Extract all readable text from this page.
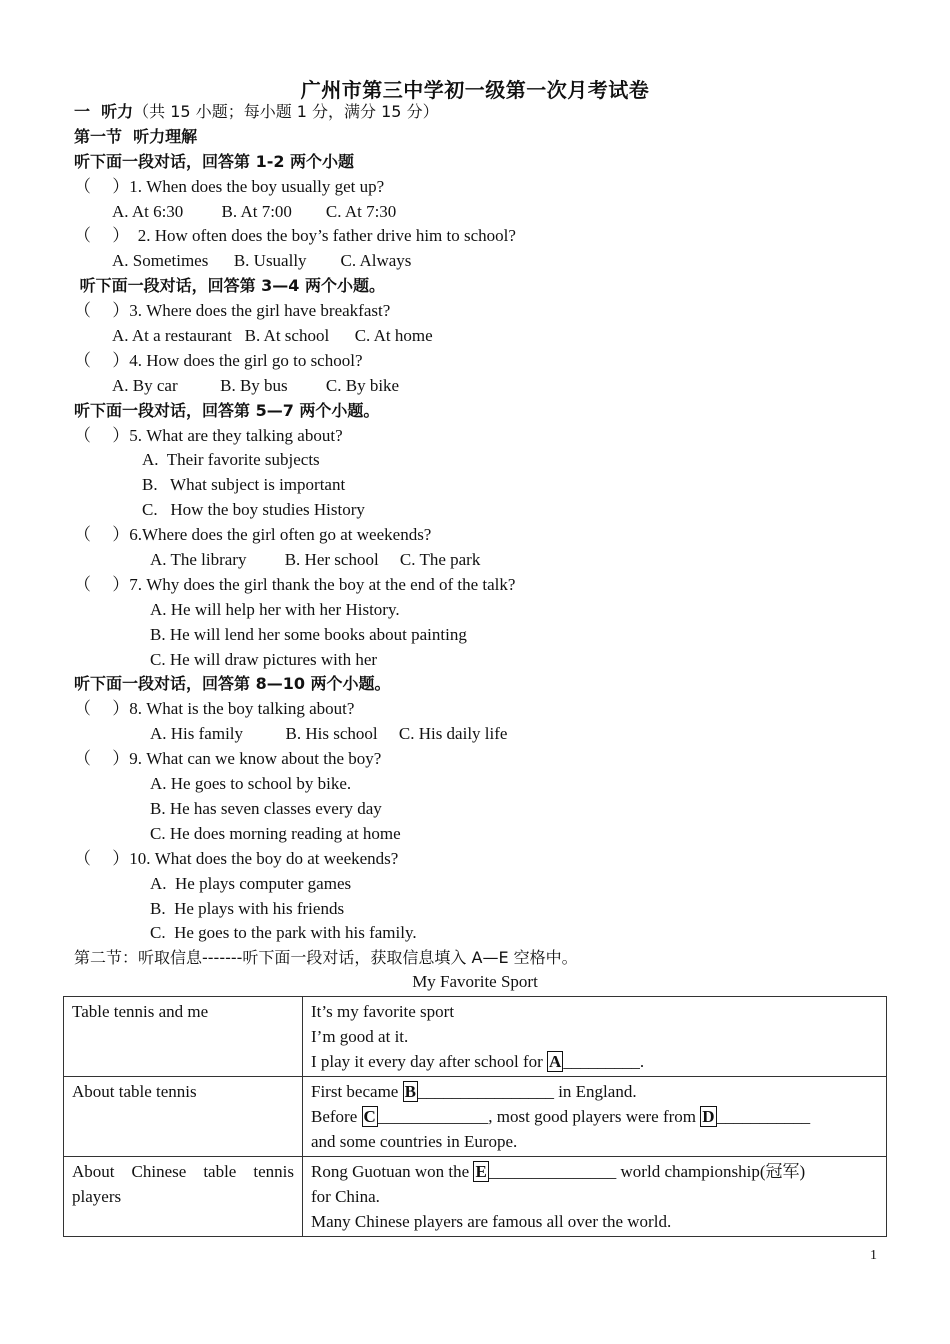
广州市第三中学初一级第一次月考试卷
一  听力（共 15 小题；每小题 1 分，满分 15 分）
第一节  听力理解
听下面一段对话，回答第 1-2 两个小题
（     ）1. When does the boy usually get up?
A. At 6:30         B. At 7:00        C. At 7:30
（     ）  2. How often does the boy’s father drive him to school?
A. Sometimes      B. Usually        C. Always
听下面一段对话，回答第 3—4 两个小题。
（     ）3. Where does the girl have breakfast?
A. At a restaurant   B. At school      C. At home
（     ）4. How does the girl go to school?
A. By car          B. By bus         C. By bike
听下面一段对话，回答第 5—7 两个小题。
（     ）5. What are they talking about?
A.  Their favorite subjects
B.   What subject is important
C.   How the boy studies History
（     ）6.Where does the girl often go at weekends?
A. The library         B. Her school     C. The park
（     ）7. Why does the girl thank the boy at the end of the talk?
A. He will help her with her History.
B. He will lend her some books about painting
C. He will draw pictures with her
听下面一段对话，回答第 8—10 两个小题。
（     ）8. What is the boy talking about?
A. His family          B. His school     C. His daily life
（     ）9. What can we know about the boy?
A. He goes to school by bike.
B. He has seven classes every day
C. He does morning reading at home
（     ）10. What does the boy do at weekends?
A.  He plays computer games
B.  He plays with his friends
C.  He goes to the park with his family.
第二节：听取信息-------听下面一段对话，获取信息填入 A—E 空格中。
My Favorite Sport
Table tennis and me	It’s my favorite sport
I’m good at it.
I play it every day after school for A _________.

About table tennis	First became B ________________ in England.
Before C _____________, most good players were from D ___________
and some countries in Europe.

About Chinese table tennis players	Rong Guotuan won the E _______________ world championship(冠军)
for China.
Many Chinese players are famous all over the world.
1
